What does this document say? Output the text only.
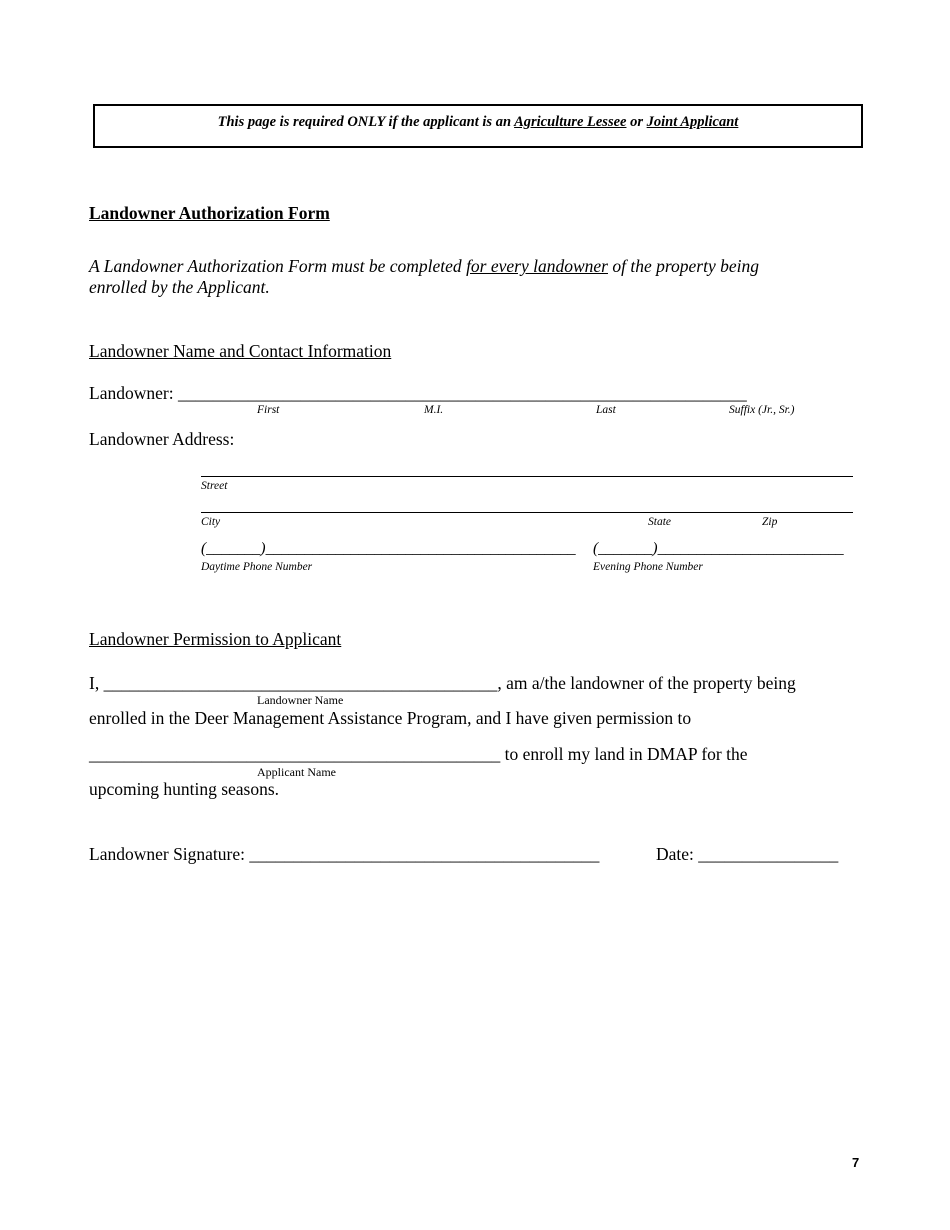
This page is required ONLY if the applicant is an Agriculture Lessee or Joint Applicant
Landowner Authorization Form
A Landowner Authorization Form must be completed for every landowner of the property being
enrolled by the Applicant.
Landowner Name and Contact Information
Landowner: _________________________________________________________________
First	M.I.	Last	Suffix (Jr., Sr.)
Landowner Address:
Street
City	State	Zip
(_______)________________________________________ (_______)________________________
Daytime Phone Number	Evening Phone Number
Landowner Permission to Applicant
I, _____________________________________________, am a/the landowner of the property being
Landowner Name
enrolled in the Deer Management Assistance Program, and I have given permission to
_______________________________________________ to enroll my land in DMAP for the
Applicant Name
upcoming hunting seasons.
Landowner Signature: ________________________________________	Date: ________________
7
